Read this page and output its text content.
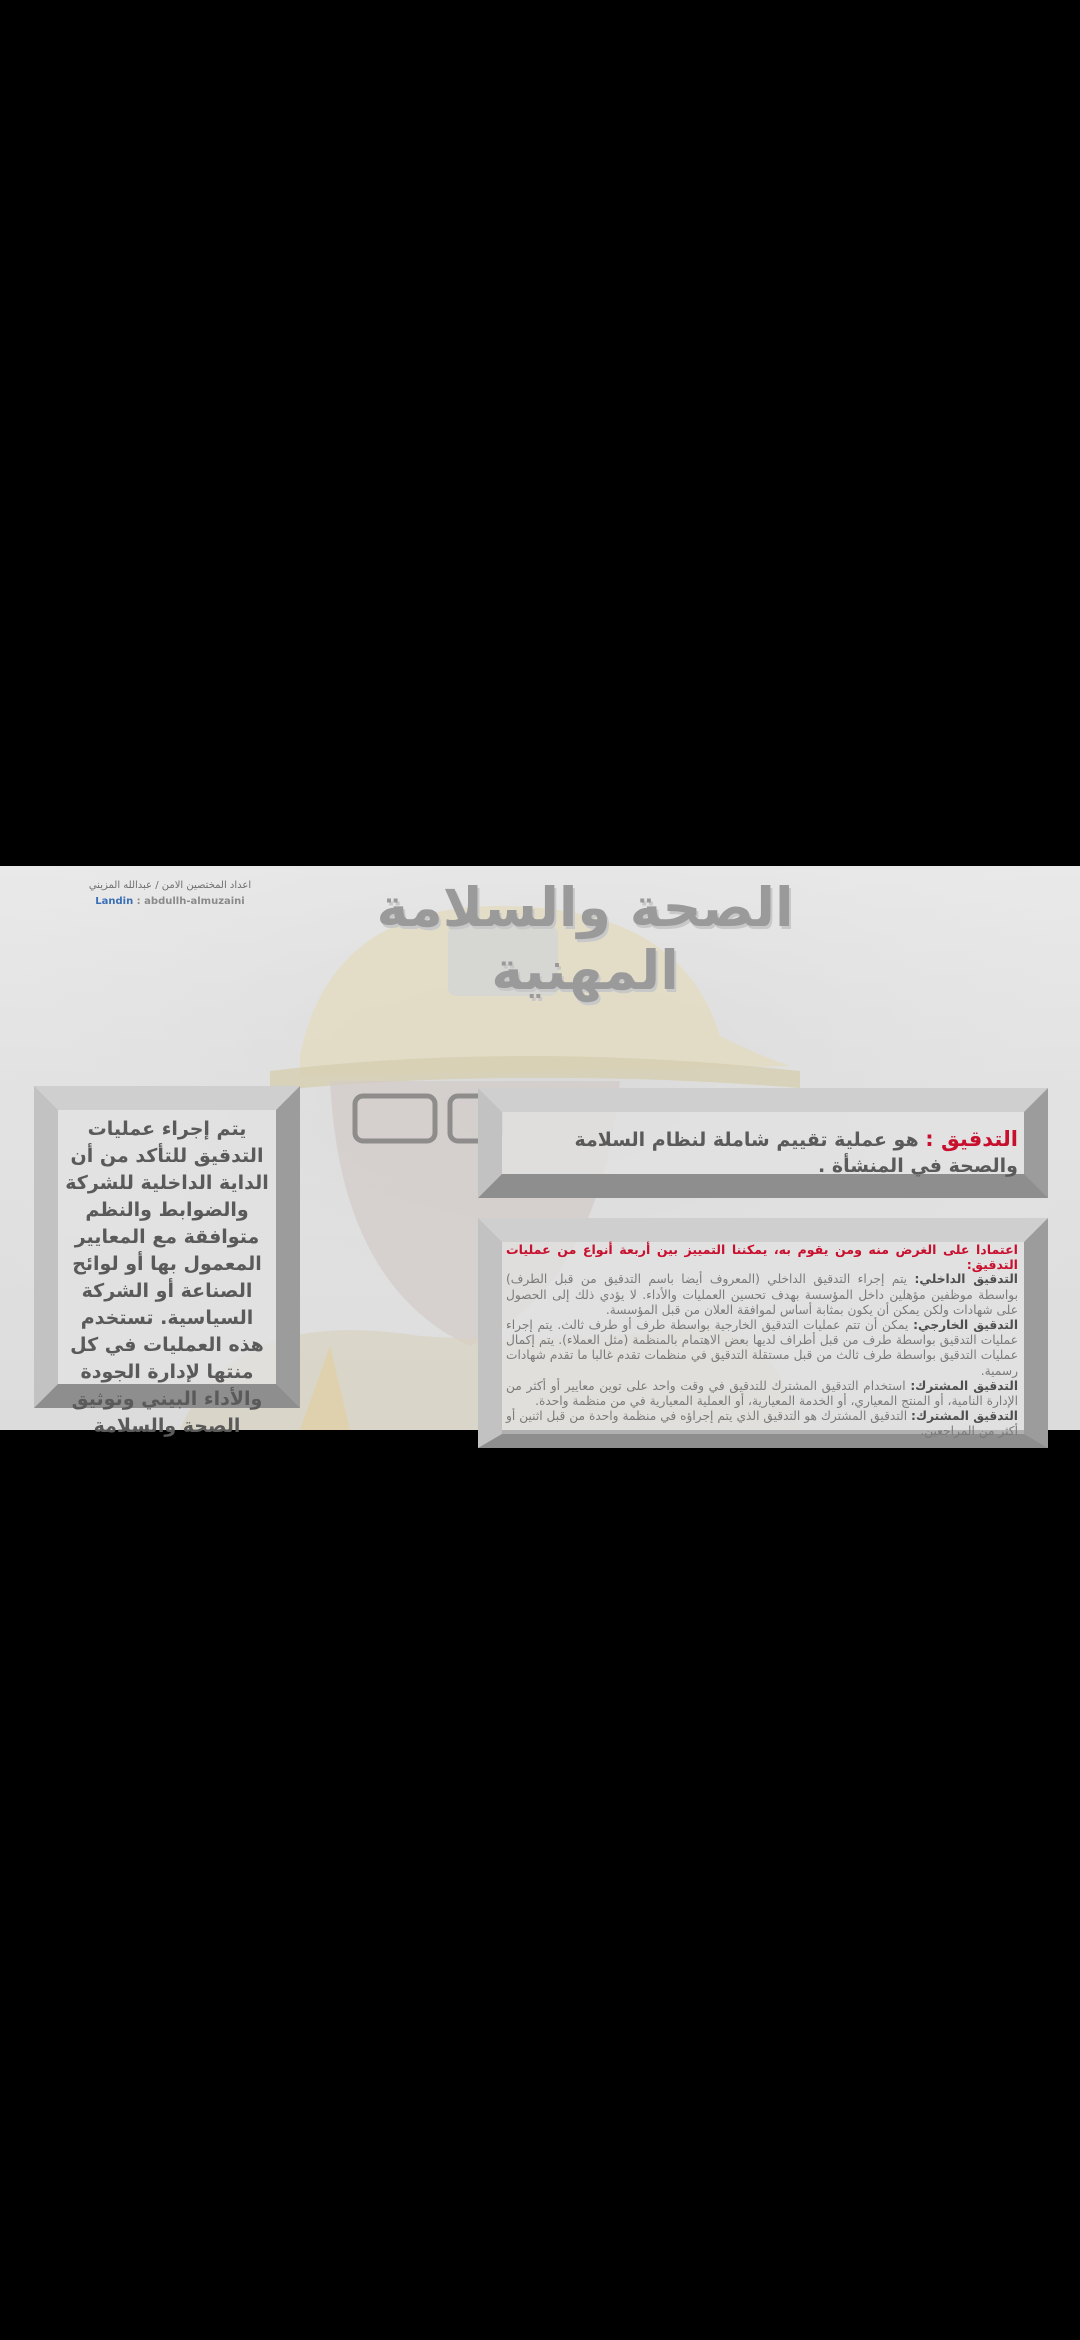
اعداد المختصين الامن / عبدالله المزيني
Landin : abdullh-almuzaini	الصحة والسلامة المهنية
يتم إجراء عمليات التدقيق للتأكد من أن الداية الداخلية للشركة والضوابط والنظم متوافقة مع المعايير المعمول بها أو لوائح الصناعة أو الشركة السياسية. تستخدم هذه العمليات في كل منتها لإدارة الجودة والأداء البيني وتوثيق الصحة والسلامة
التدقيق : هو عملية تقييم شاملة لنظام السلامة والصحة في المنشأة .
اعتمادا على الغرض منه ومن يقوم به، يمكننا التمييز بين أربعة أنواع من عمليات التدقيق:
التدقيق الداخلي: يتم إجراء التدقيق الداخلي (المعروف أيضا باسم التدقيق من قبل الطرف) بواسطة موظفين مؤهلين داخل المؤسسة بهدف تحسين العمليات والأداء. لا يؤدي ذلك إلى الحصول على شهادات ولكن يمكن أن يكون بمثابة أساس لموافقة العلان من قبل المؤسسة.
التدقيق الخارجي: يمكن أن تتم عمليات التدقيق الخارجية بواسطة طرف أو طرف ثالث. يتم إجراء عمليات التدقيق بواسطة طرف من قبل أطراف لديها بعض الاهتمام بالمنظمة (مثل العملاء). يتم إكمال عمليات التدقيق بواسطة طرف ثالث من قبل مستقلة التدقيق في منظمات تقدم غالبا ما تقدم شهادات رسمية.
التدقيق المشترك: استخدام التدقيق المشترك للتدقيق في وقت واحد على توين معايير أو أكثر من الإدارة النامية، أو المنتج المعياري، أو الخدمة المعيارية، أو العملية المعيارية في من منظمة واحدة.
التدقيق المشترك: التدقيق المشترك هو التدقيق الذي يتم إجراؤه في منظمة واحدة من قبل اثنين أو أكثر من المراجعين.
